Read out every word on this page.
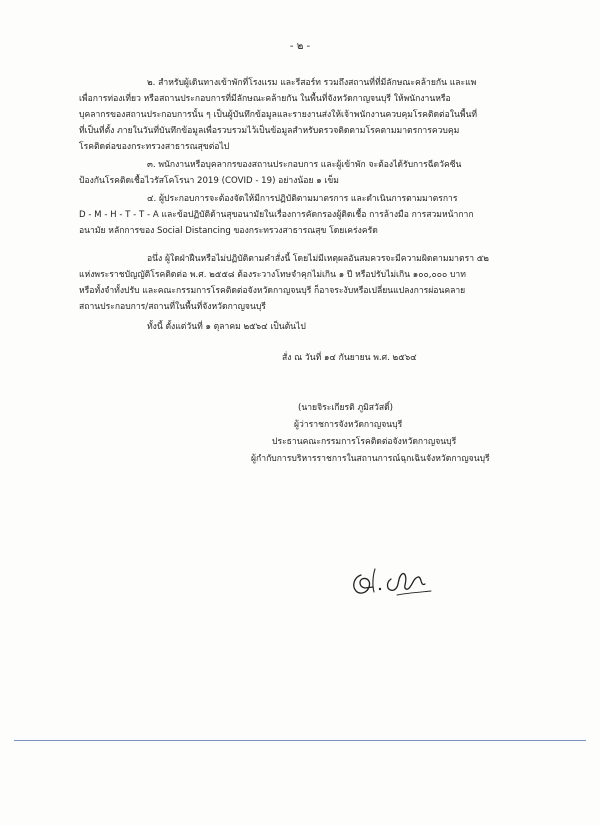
- ๒ -
๒. สำหรับผู้เดินทางเข้าพักที่โรงแรม และรีสอร์ท รวมถึงสถานที่ที่มีลักษณะคล้ายกัน และแพ
เพื่อการท่องเที่ยว หรือสถานประกอบการที่มีลักษณะคล้ายกัน ในพื้นที่จังหวัดกาญจนบุรี ให้พนักงานหรือ
บุคลากรของสถานประกอบการนั้น ๆ เป็นผู้บันทึกข้อมูลและรายงานส่งให้เจ้าพนักงานควบคุมโรคติดต่อในพื้นที่
ที่เป็นที่ตั้ง ภายในวันที่บันทึกข้อมูลเพื่อรวบรวมไว้เป็นข้อมูลสำหรับตรวจติดตามโรคตามมาตรการควบคุม
โรคติดต่อของกระทรวงสาธารณสุขต่อไป
๓. พนักงานหรือบุคลากรของสถานประกอบการ และผู้เข้าพัก จะต้องได้รับการฉีดวัคซีน
ป้องกันโรคติดเชื้อไวรัสโคโรนา 2019 (COVID - 19) อย่างน้อย ๑ เข็ม
๔. ผู้ประกอบการจะต้องจัดให้มีการปฏิบัติตามมาตรการ และดำเนินการตามมาตรการ
D - M - H - T - T - A และข้อปฏิบัติด้านสุขอนามัยในเรื่องการคัดกรองผู้ติดเชื้อ การล้างมือ การสวมหน้ากาก
อนามัย หลักการของ Social Distancing ของกระทรวงสาธารณสุข โดยเคร่งครัด
อนึ่ง ผู้ใดฝ่าฝืนหรือไม่ปฏิบัติตามคำสั่งนี้ โดยไม่มีเหตุผลอันสมควรจะมีความผิดตามมาตรา ๕๒
แห่งพระราชบัญญัติโรคติดต่อ พ.ศ. ๒๕๕๘ ต้องระวางโทษจำคุกไม่เกิน ๑ ปี หรือปรับไม่เกิน ๑๐๐,๐๐๐ บาท
หรือทั้งจำทั้งปรับ และคณะกรรมการโรคติดต่อจังหวัดกาญจนบุรี ก็อาจระงับหรือเปลี่ยนแปลงการผ่อนคลาย
สถานประกอบการ/สถานที่ในพื้นที่จังหวัดกาญจนบุรี
ทั้งนี้ ตั้งแต่วันที่ ๑ ตุลาคม ๒๕๖๔ เป็นต้นไป
สั่ง ณ วันที่ ๑๔ กันยายน พ.ศ. ๒๕๖๔
(นายจิระเกียรติ ภูมิสวัสดิ์)
ผู้ว่าราชการจังหวัดกาญจนบุรี
ประธานคณะกรรมการโรคติดต่อจังหวัดกาญจนบุรี
ผู้กำกับการบริหารราชการในสถานการณ์ฉุกเฉินจังหวัดกาญจนบุรี
